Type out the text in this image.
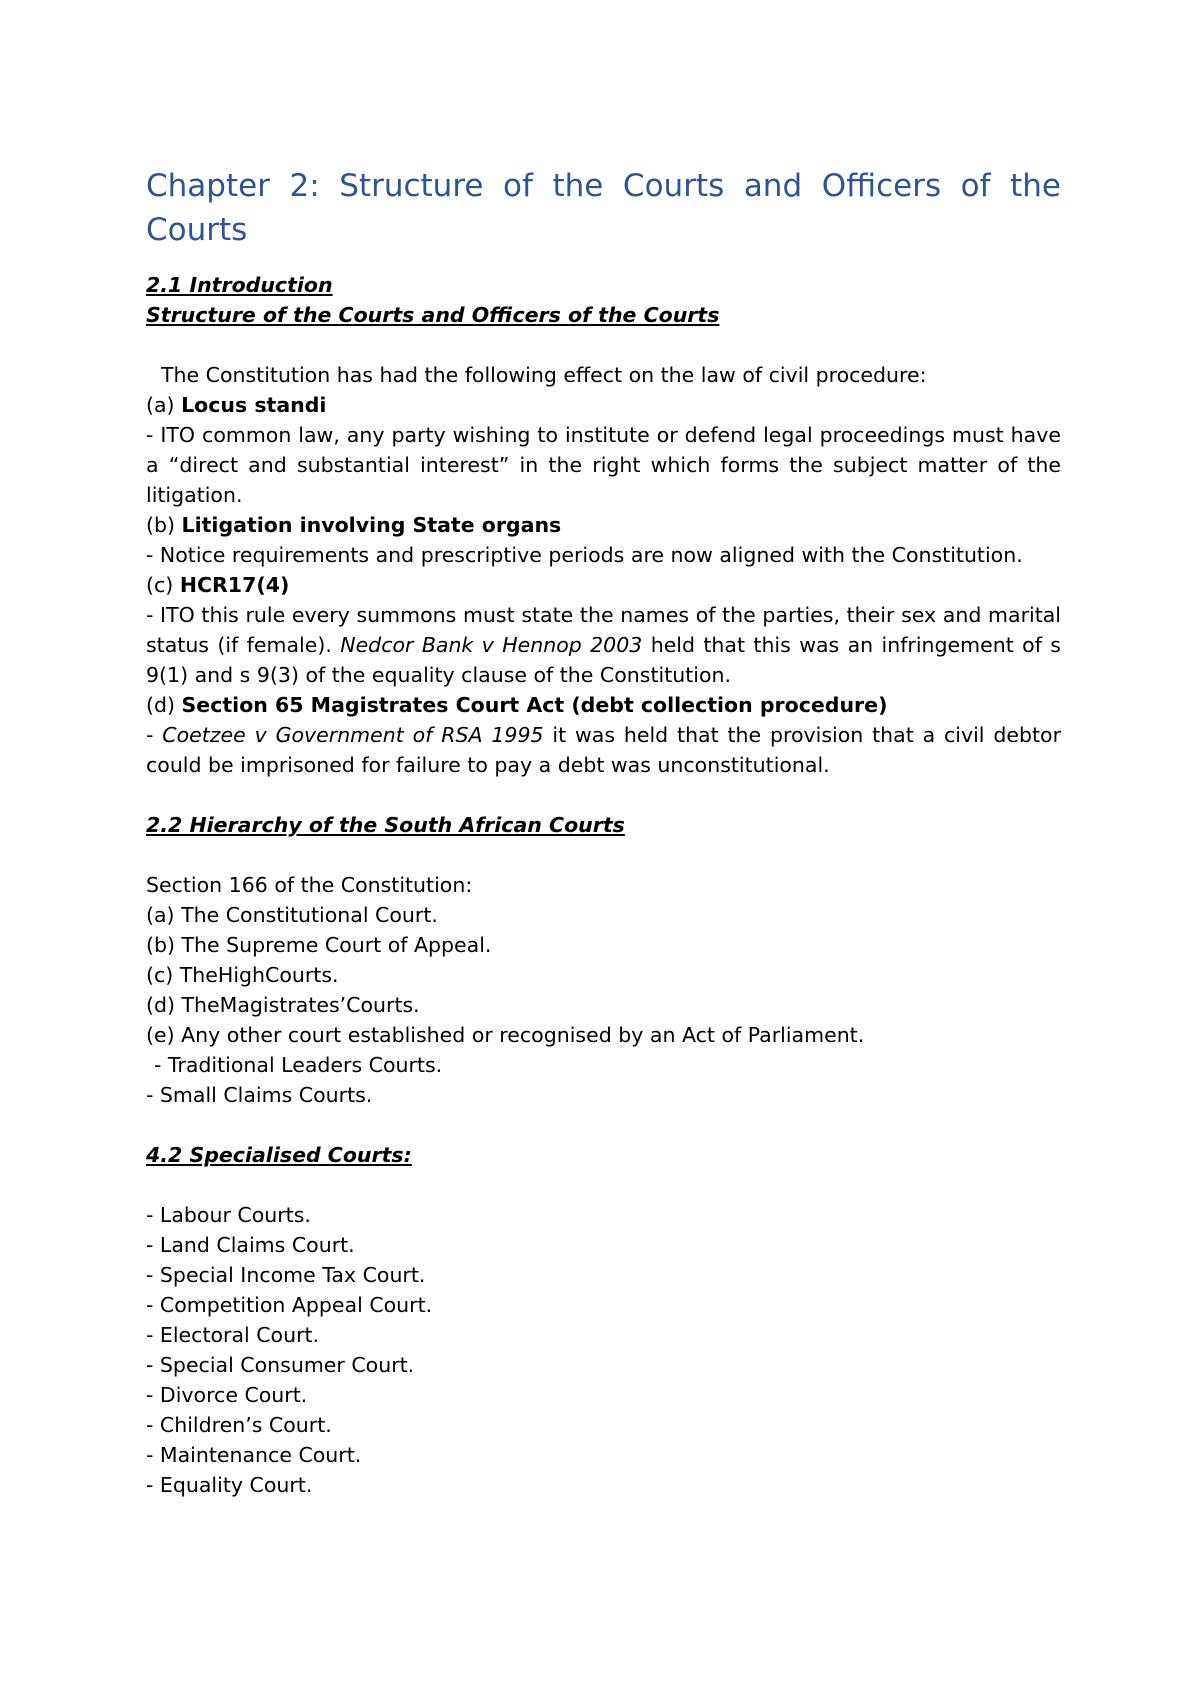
Chapter 2: Structure of the Courts and Officers of the Courts

2.1 Introduction

Structure of the Courts and Officers of the Courts

The Constitution has had the following effect on the law of civil procedure:

(a) Locus standi

- ITO common law, any party wishing to institute or defend legal proceedings must have a “direct and substantial interest” in the right which forms the subject matter of the litigation.

(b) Litigation involving State organs

- Notice requirements and prescriptive periods are now aligned with the Constitution.

(c) HCR17(4)

- ITO this rule every summons must state the names of the parties, their sex and marital status (if female). Nedcor Bank v Hennop 2003 held that this was an infringement of s 9(1) and s 9(3) of the equality clause of the Constitution.

(d) Section 65 Magistrates Court Act (debt collection procedure)

- Coetzee v Government of RSA 1995 it was held that the provision that a civil debtor could be imprisoned for failure to pay a debt was unconstitutional.

2.2 Hierarchy of the South African Courts

Section 166 of the Constitution:

(a) The Constitutional Court.
(b) The Supreme Court of Appeal.
(c) TheHighCourts.
(d) TheMagistrates’Courts.
(e) Any other court established or recognised by an Act of Parliament.
- Traditional Leaders Courts.
- Small Claims Courts.

4.2 Specialised Courts:

- Labour Courts.
- Land Claims Court.
- Special Income Tax Court.
- Competition Appeal Court.
- Electoral Court.
- Special Consumer Court.
- Divorce Court.
- Children’s Court.
- Maintenance Court.
- Equality Court.
